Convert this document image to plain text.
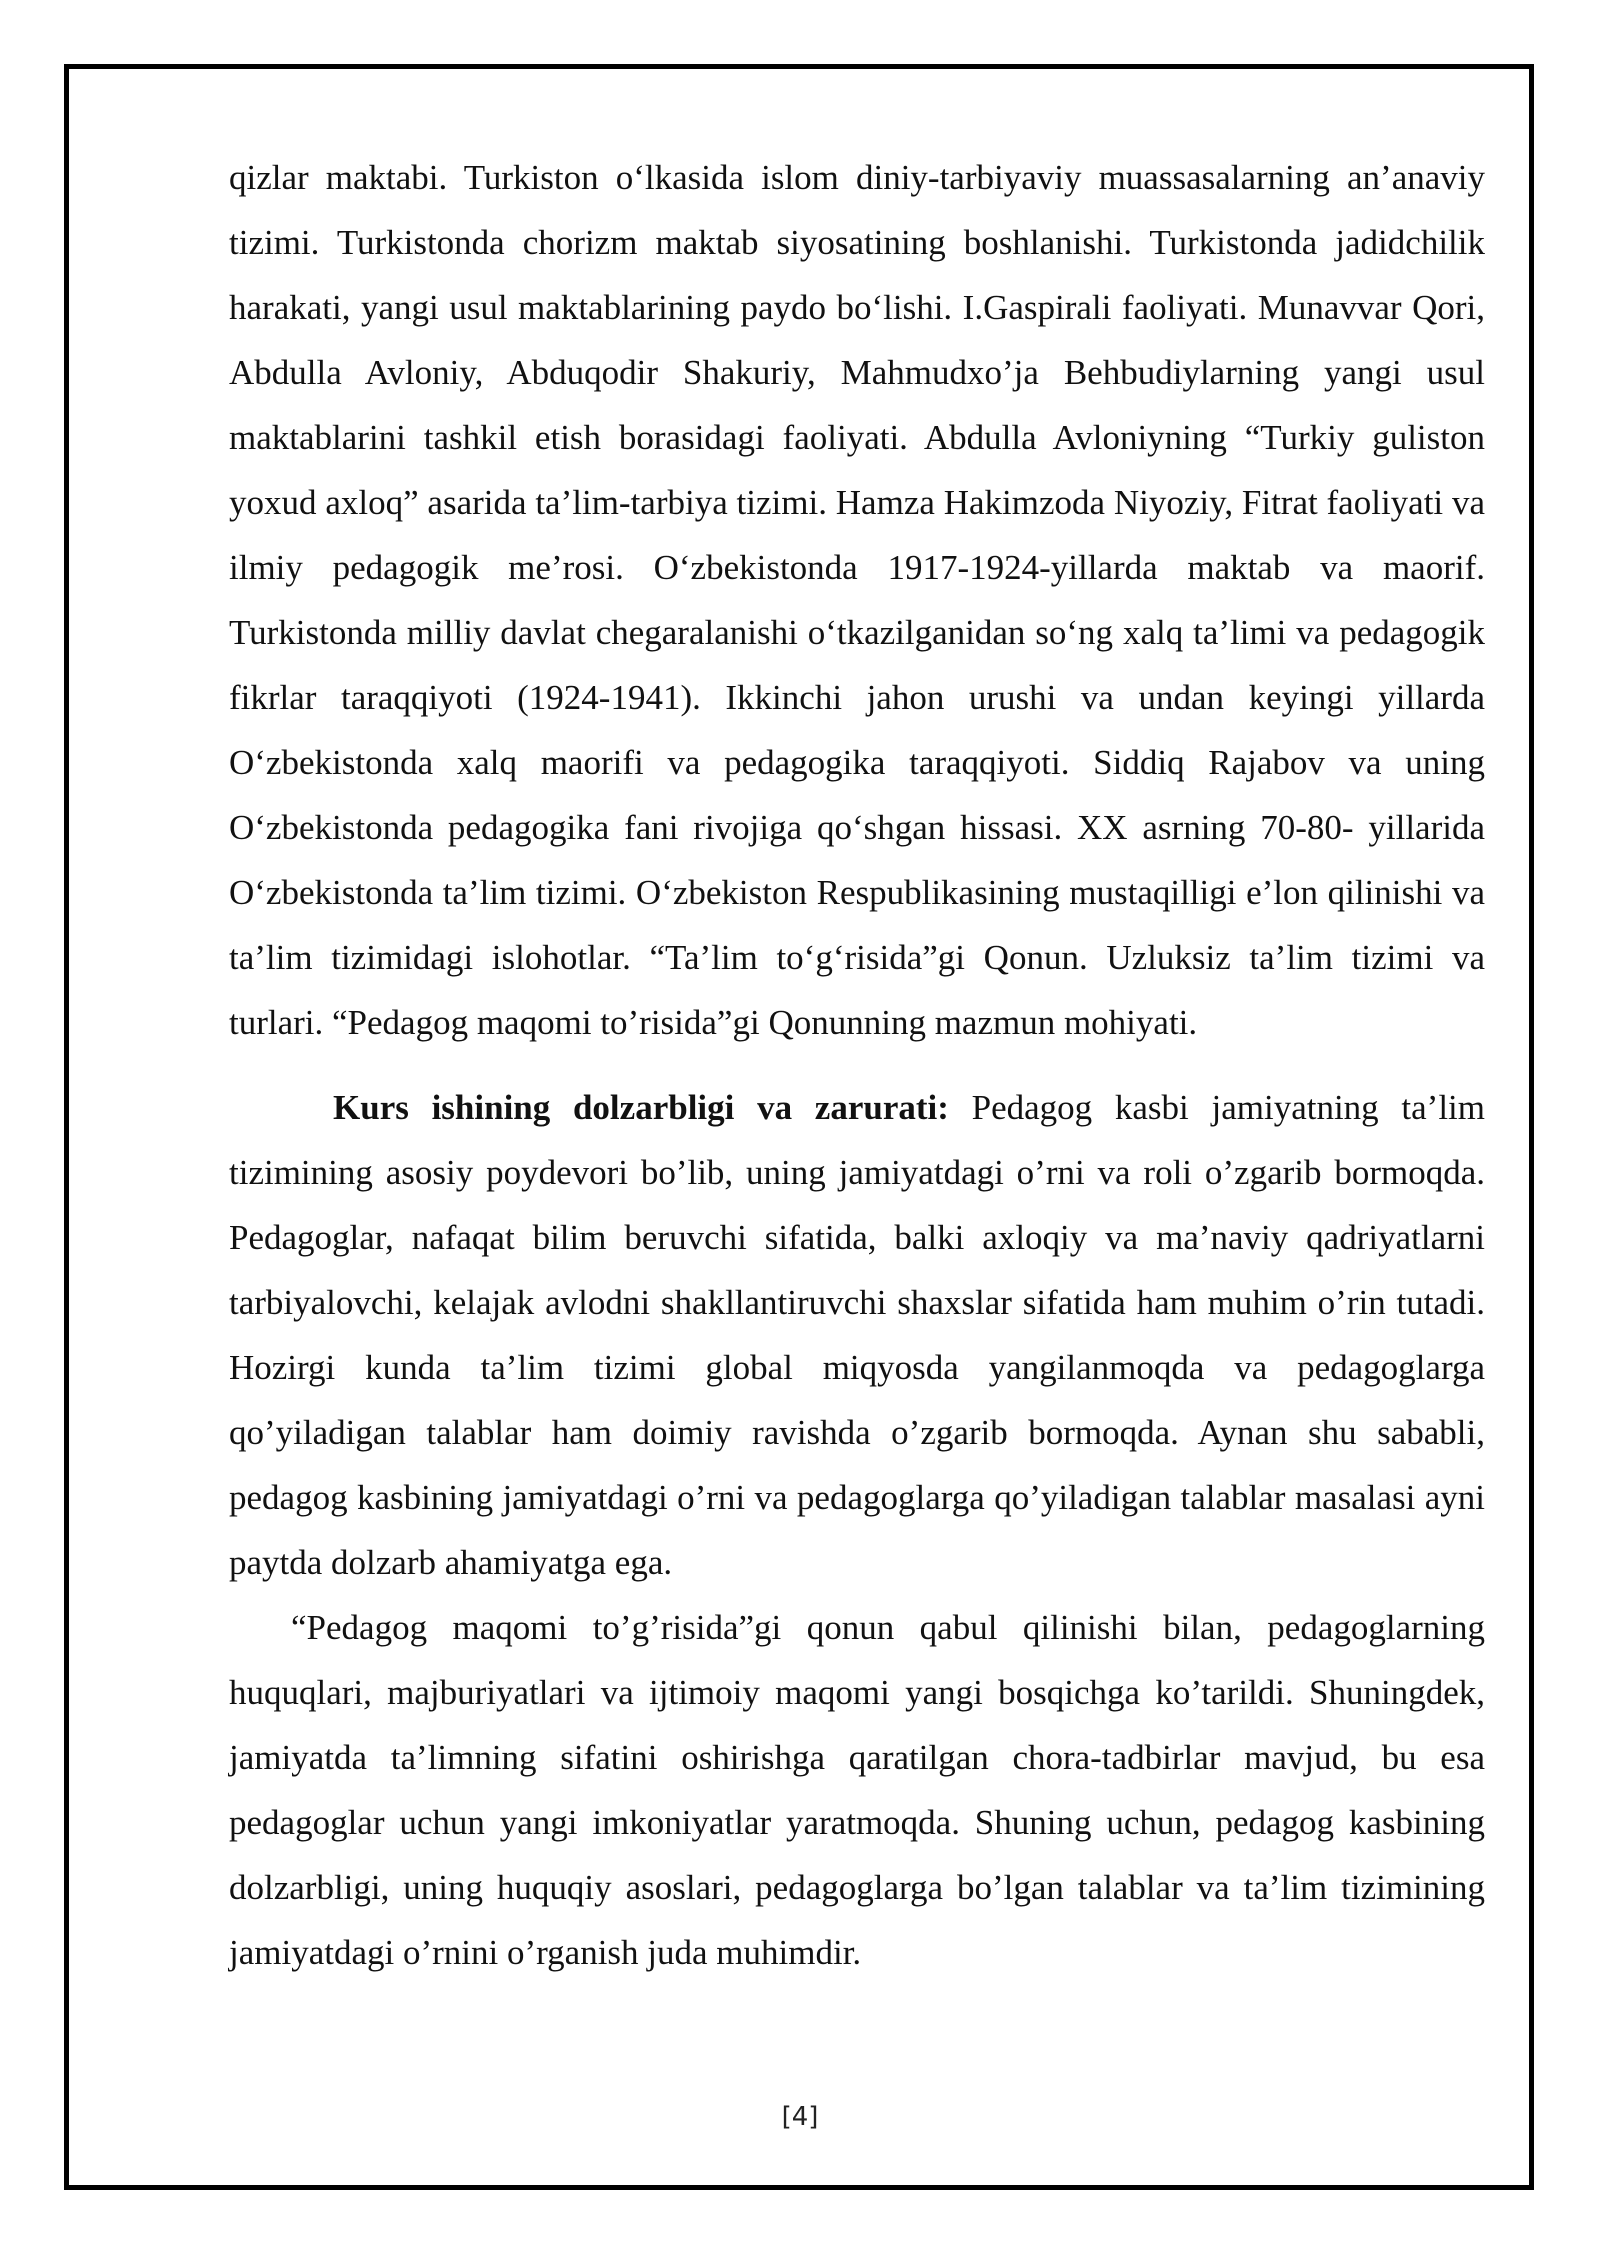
qizlar maktabi. Turkiston o‘lkasida islom diniy-tarbiyaviy muassasalarning an’anaviy tizimi. Turkistonda chorizm maktab siyosatining boshlanishi. Turkistonda jadidchilik harakati, yangi usul maktablarining paydo bo‘lishi. I.Gaspirali faoliyati. Munavvar Qori, Abdulla Avloniy, Abduqodir Shakuriy, Mahmudxo’ja Behbudiylarning yangi usul maktablarini tashkil etish borasidagi faoliyati. Abdulla Avloniyning “Turkiy guliston yoxud axloq” asarida ta’lim-tarbiya tizimi. Hamza Hakimzoda Niyoziy, Fitrat faoliyati va ilmiy pedagogik me’rosi. O‘zbekistonda 1917-1924-yillarda maktab va maorif. Turkistonda milliy davlat chegaralanishi o‘tkazilganidan so‘ng xalq ta’limi va pedagogik fikrlar taraqqiyoti (1924-1941). Ikkinchi jahon urushi va undan keyingi yillarda O‘zbekistonda xalq maorifi va pedagogika taraqqiyoti. Siddiq Rajabov va uning O‘zbekistonda pedagogika fani rivojiga qo‘shgan hissasi. XX asrning 70-80- yillarida O‘zbekistonda ta’lim tizimi. O‘zbekiston Respublikasining mustaqilligi e’lon qilinishi va ta’lim tizimidagi islohotlar. “Ta’lim to‘g‘risida”gi Qonun. Uzluksiz ta’lim tizimi va turlari. “Pedagog maqomi to’risida”gi Qonunning mazmun mohiyati.

Kurs ishining dolzarbligi va zarurati: Pedagog kasbi jamiyatning ta’lim tizimining asosiy poydevori bo’lib, uning jamiyatdagi o’rni va roli o’zgarib bormoqda. Pedagoglar, nafaqat bilim beruvchi sifatida, balki axloqiy va ma’naviy qadriyatlarni tarbiyalovchi, kelajak avlodni shakllantiruvchi shaxslar sifatida ham muhim o’rin tutadi. Hozirgi kunda ta’lim tizimi global miqyosda yangilanmoqda va pedagoglarga qo’yiladigan talablar ham doimiy ravishda o’zgarib bormoqda. Aynan shu sababli, pedagog kasbining jamiyatdagi o’rni va pedagoglarga qo’yiladigan talablar masalasi ayni paytda dolzarb ahamiyatga ega.

“Pedagog maqomi to’g’risida”gi qonun qabul qilinishi bilan, pedagoglarning huquqlari, majburiyatlari va ijtimoiy maqomi yangi bosqichga ko’tarildi. Shuningdek, jamiyatda ta’limning sifatini oshirishga qaratilgan chora-tadbirlar mavjud, bu esa pedagoglar uchun yangi imkoniyatlar yaratmoqda. Shuning uchun, pedagog kasbining dolzarbligi, uning huquqiy asoslari, pedagoglarga bo’lgan talablar va ta’lim tizimining jamiyatdagi o’rnini o’rganish juda muhimdir.

[4]
